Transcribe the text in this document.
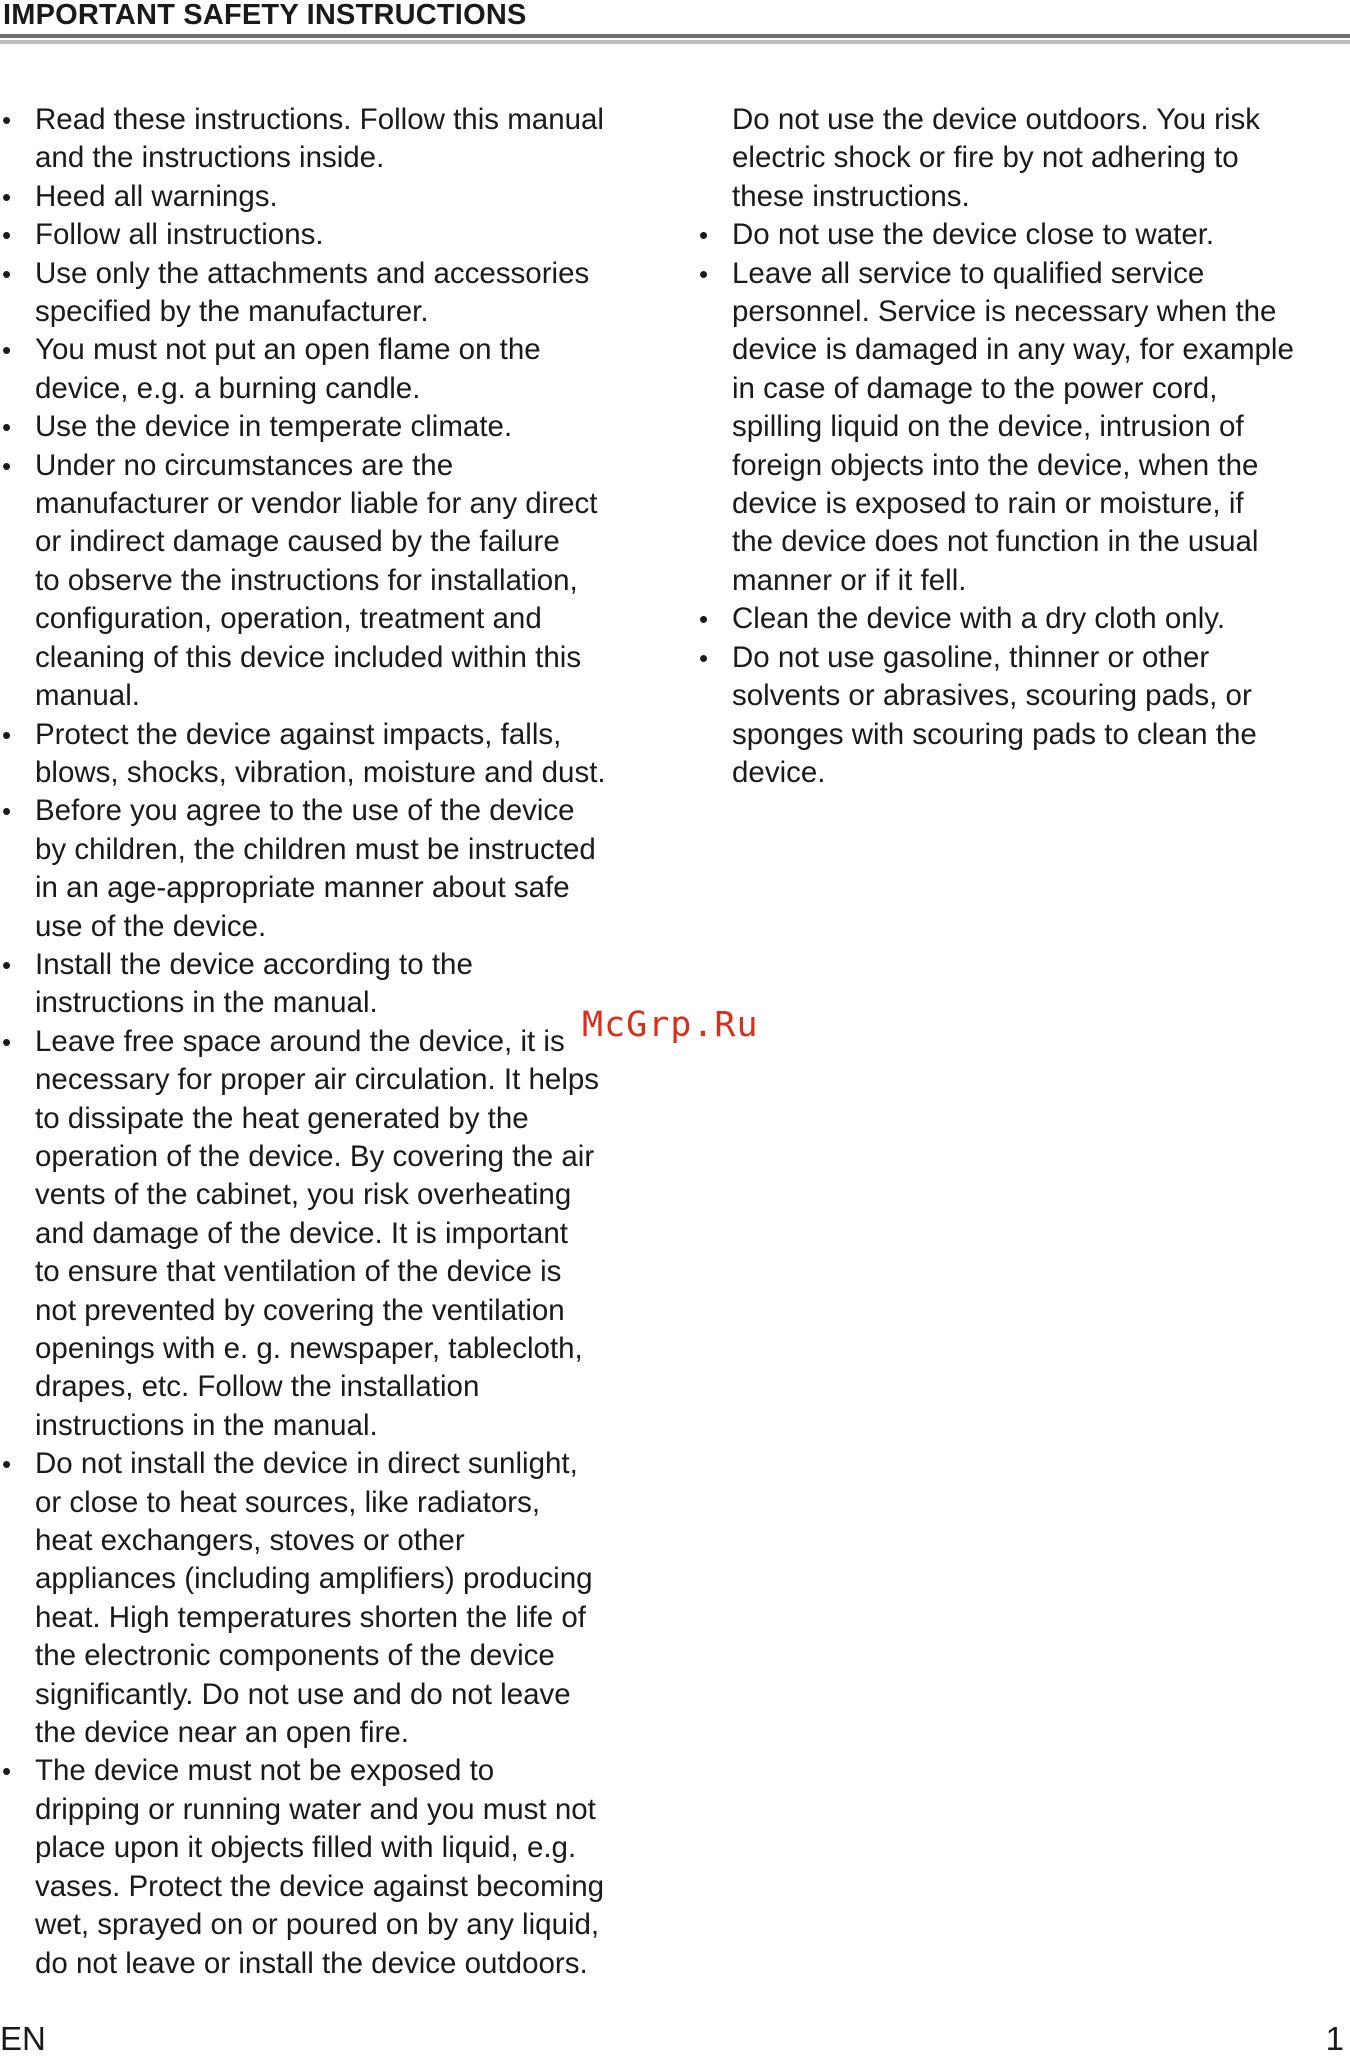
IMPORTANT SAFETY INSTRUCTIONS
• Read these instructions. Follow this manual
and the instructions inside.
• Heed all warnings.
• Follow all instructions.
• Use only the attachments and accessories
specified by the manufacturer.
• You must not put an open flame on the
device, e.g. a burning candle.
• Use the device in temperate climate.
• Under no circumstances are the
manufacturer or vendor liable for any direct
or indirect damage caused by the failure
to observe the instructions for installation,
configuration, operation, treatment and
cleaning of this device included within this
manual.
• Protect the device against impacts, falls,
blows, shocks, vibration, moisture and dust.
• Before you agree to the use of the device
by children, the children must be instructed
in an age-appropriate manner about safe
use of the device.
• Install the device according to the
instructions in the manual.
• Leave free space around the device, it is
necessary for proper air circulation. It helps
to dissipate the heat generated by the
operation of the device. By covering the air
vents of the cabinet, you risk overheating
and damage of the device. It is important
to ensure that ventilation of the device is
not prevented by covering the ventilation
openings with e. g. newspaper, tablecloth,
drapes, etc. Follow the installation
instructions in the manual.
• Do not install the device in direct sunlight,
or close to heat sources, like radiators,
heat exchangers, stoves or other
appliances (including amplifiers) producing
heat. High temperatures shorten the life of
the electronic components of the device
significantly. Do not use and do not leave
the device near an open fire.
• The device must not be exposed to
dripping or running water and you must not
place upon it objects filled with liquid, e.g.
vases. Protect the device against becoming
wet, sprayed on or poured on by any liquid,
do not leave or install the device outdoors.
Do not use the device outdoors. You risk
electric shock or fire by not adhering to
these instructions.
• Do not use the device close to water.
• Leave all service to qualified service
personnel. Service is necessary when the
device is damaged in any way, for example
in case of damage to the power cord,
spilling liquid on the device, intrusion of
foreign objects into the device, when the
device is exposed to rain or moisture, if
the device does not function in the usual
manner or if it fell.
• Clean the device with a dry cloth only.
• Do not use gasoline, thinner or other
solvents or abrasives, scouring pads, or
sponges with scouring pads to clean the
device.
McGrp.Ru
EN	1
